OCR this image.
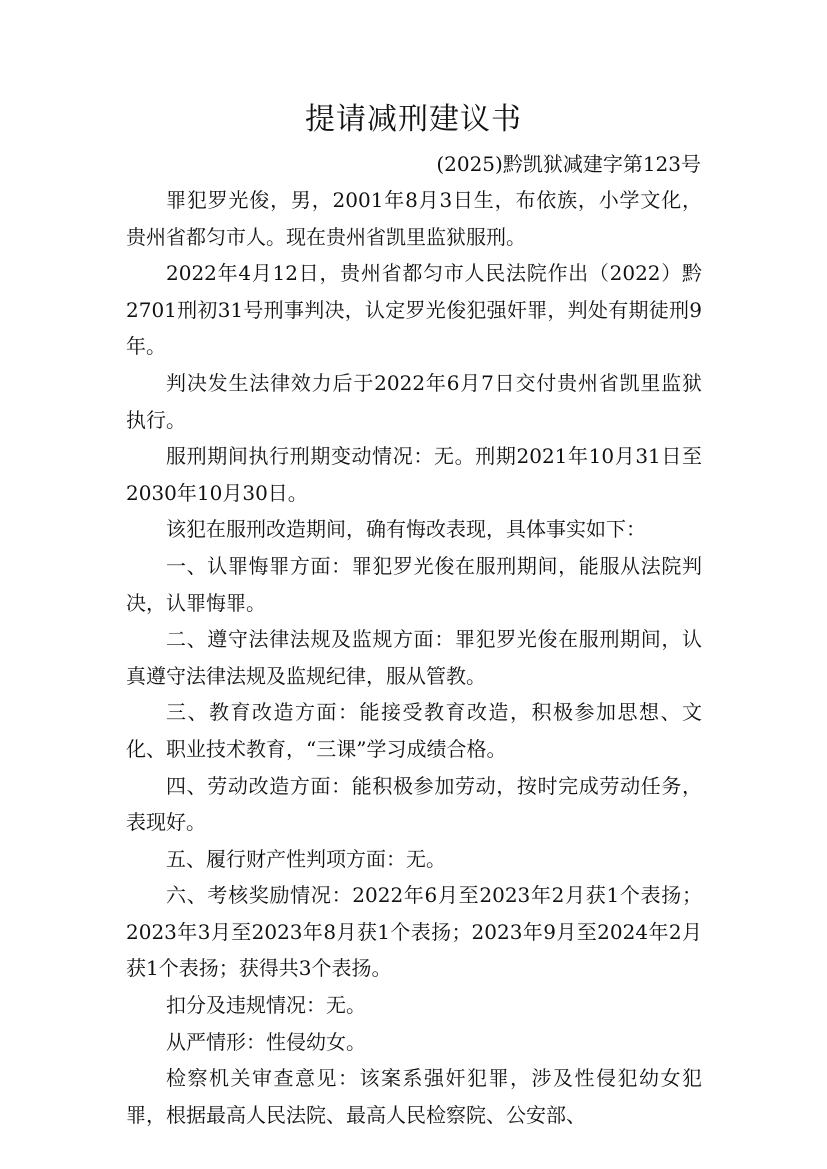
提请减刑建议书
(2025)黔凯狱减建字第123号

罪犯罗光俊，男，2001年8月3日生，布依族，小学文化，贵州省都匀市人。现在贵州省凯里监狱服刑。

2022年4月12日，贵州省都匀市人民法院作出（2022）黔2701刑初31号刑事判决，认定罗光俊犯强奸罪，判处有期徒刑9年。

判决发生法律效力后于2022年6月7日交付贵州省凯里监狱执行。

服刑期间执行刑期变动情况：无。刑期2021年10月31日至2030年10月30日。

该犯在服刑改造期间，确有悔改表现，具体事实如下：

一、认罪悔罪方面：罪犯罗光俊在服刑期间，能服从法院判决，认罪悔罪。

二、遵守法律法规及监规方面：罪犯罗光俊在服刑期间，认真遵守法律法规及监规纪律，服从管教。

三、教育改造方面：能接受教育改造，积极参加思想、文化、职业技术教育，“三课”学习成绩合格。

四、劳动改造方面：能积极参加劳动，按时完成劳动任务，表现好。

五、履行财产性判项方面：无。

六、考核奖励情况：2022年6月至2023年2月获1个表扬；2023年3月至2023年8月获1个表扬；2023年9月至2024年2月获1个表扬；获得共3个表扬。

扣分及违规情况：无。

从严情形：性侵幼女。

检察机关审查意见：该案系强奸犯罪，涉及性侵犯幼女犯罪，根据最高人民法院、最高人民检察院、公安部、
